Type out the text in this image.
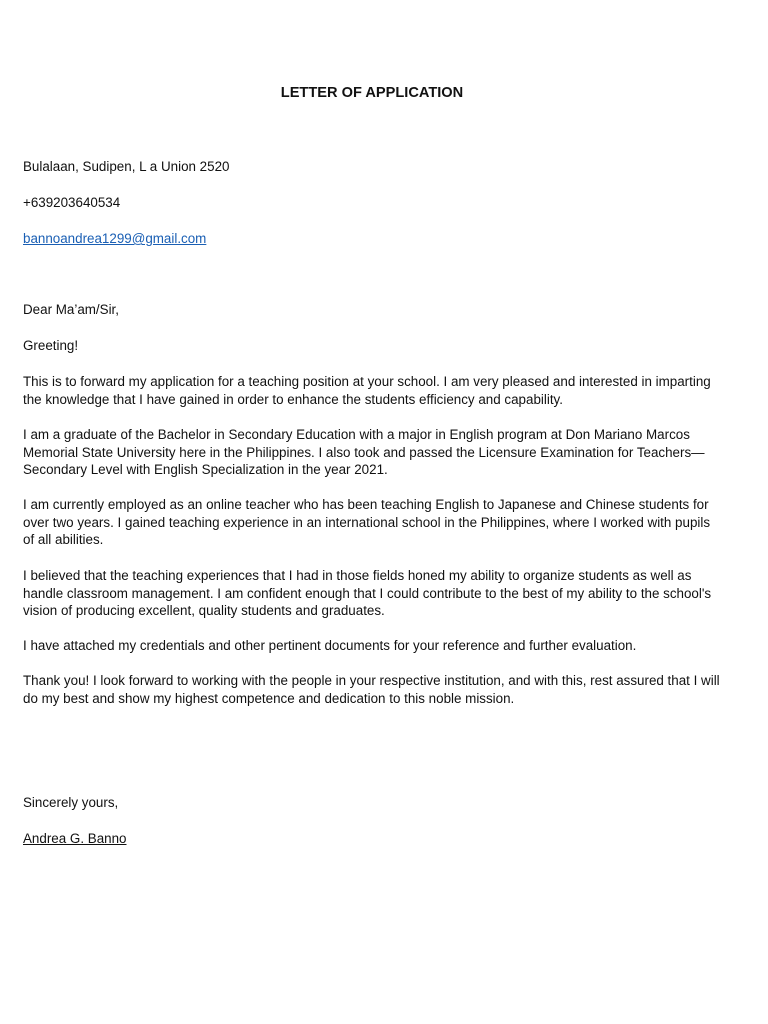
LETTER OF APPLICATION
Bulalaan, Sudipen, L a Union 2520
+639203640534
bannoandrea1299@gmail.com
Dear Ma’am/Sir,
Greeting!
This is to forward my application for a teaching position at your school. I am very pleased and interested in imparting the knowledge that I have gained in order to enhance the students efficiency and capability.
I am a graduate of the Bachelor in Secondary Education with a major in English program at Don Mariano Marcos Memorial State University here in the Philippines. I also took and passed the Licensure Examination for Teachers—Secondary Level with English Specialization in the year 2021.
I am currently employed as an online teacher who has been teaching English to Japanese and Chinese students for over two years. I gained teaching experience in an international school in the Philippines, where I worked with pupils of all abilities.
I believed that the teaching experiences that I had in those fields honed my ability to organize students as well as handle classroom management. I am confident enough that I could contribute to the best of my ability to the school's vision of producing excellent, quality students and graduates.
I have attached my credentials and other pertinent documents for your reference and further evaluation.
Thank you! I look forward to working with the people in your respective institution, and with this, rest assured that I will do my best and show my highest competence and dedication to this noble mission.
Sincerely yours,
Andrea G. Banno
